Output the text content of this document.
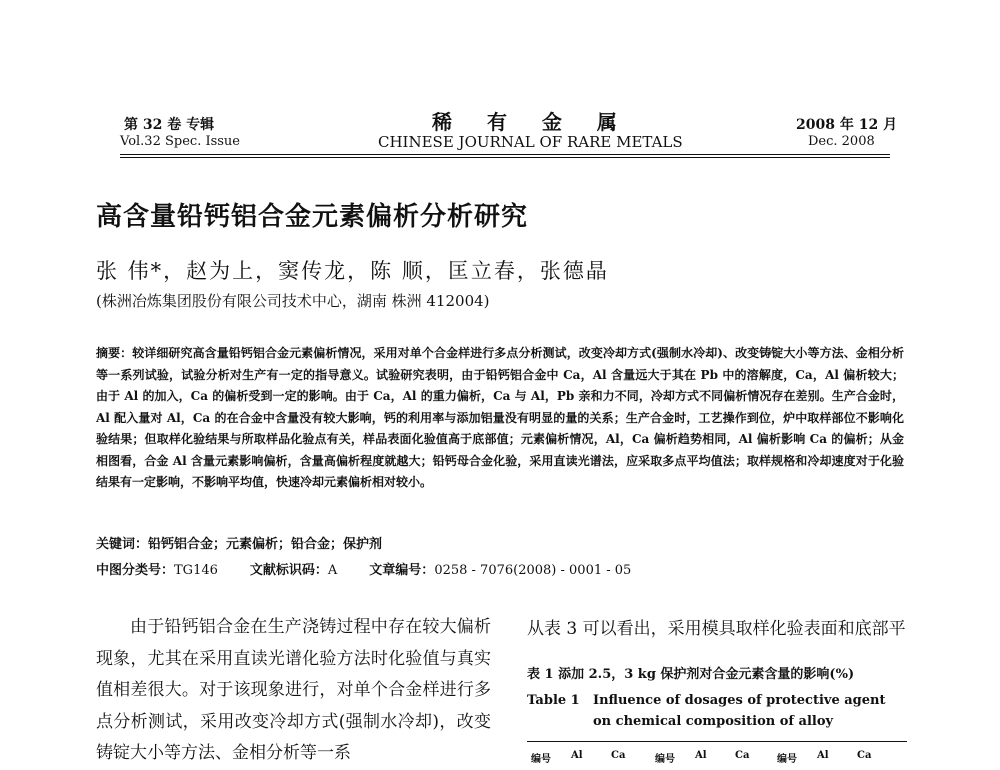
第 32 卷 专辑
Vol.32 Spec. Issue
稀 有 金 属
CHINESE JOURNAL OF RARE METALS
2008 年 12 月
Dec. 2008
高含量铅钙铝合金元素偏析分析研究
张 伟*，赵为上，窦传龙，陈 顺，匡立春，张德晶
(株洲冶炼集团股份有限公司技术中心，湖南 株洲 412004)
摘要：较详细研究高含量铅钙铝合金元素偏析情况，采用对单个合金样进行多点分析测试，改变冷却方式(强制水冷却)、改变铸锭大小等方法、金相分析等一系列试验，试验分析对生产有一定的指导意义。试验研究表明，由于铅钙铝合金中 Ca，Al 含量远大于其在 Pb 中的溶解度，Ca，Al 偏析较大；由于 Al 的加入，Ca 的偏析受到一定的影响。由于 Ca，Al 的重力偏析，Ca 与 Al，Pb 亲和力不同，冷却方式不同偏析情况存在差别。生产合金时，Al 配入量对 Al，Ca 的在合金中含量没有较大影响，钙的利用率与添加铝量没有明显的量的关系；生产合金时，工艺操作到位，炉中取样部位不影响化验结果；但取样化验结果与所取样品化验点有关，样品表面化验值高于底部值；元素偏析情况，Al，Ca 偏析趋势相同，Al 偏析影响 Ca 的偏析；从金相图看，合金 Al 含量元素影响偏析，含量高偏析程度就越大；铅钙母合金化验，采用直读光谱法，应采取多点平均值法；取样规格和冷却速度对于化验结果有一定影响，不影响平均值，快速冷却元素偏析相对较小。
关键词：铅钙铝合金；元素偏析；铅合金；保护剂
中图分类号：TG146 文献标识码：A 文章编号：0258 - 7076(2008) - 0001 - 05
由于铅钙铝合金在生产浇铸过程中存在较大偏析现象，尤其在采用直读光谱化验方法时化验值与真实值相差很大。对于该现象进行，对单个合金样进行多点分析测试，采用改变冷却方式(强制水冷却)，改变铸锭大小等方法、金相分析等一系
从表 3 可以看出，采用模具取样化验表面和底部平
表 1 添加 2.5，3 kg 保护剂对合金元素含量的影响(%)
Table 1 Influence of dosages of protective agent on chemical composition of alloy
编号 Al	Ca	编号 Al	Ca	编号 Al	Ca
